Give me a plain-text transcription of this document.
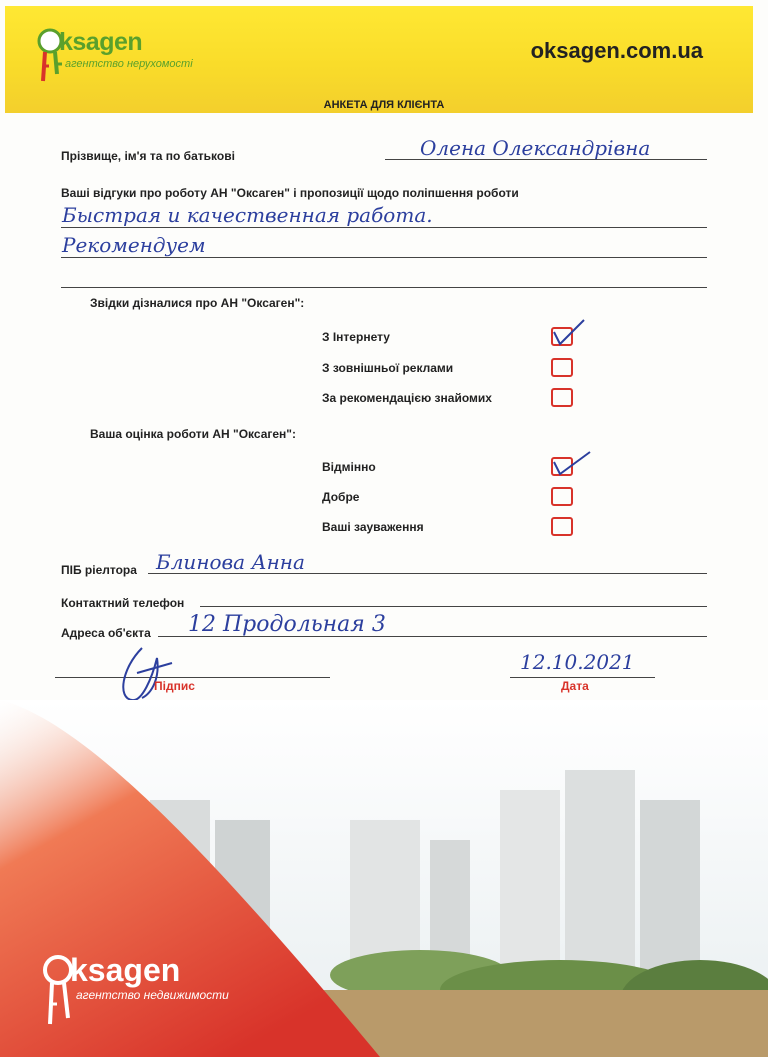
ksagen
агентство нерухомості
oksagen.com.ua
АНКЕТА ДЛЯ КЛІЄНТА
Прізвище, ім'я та по батькові	Олена Олександрівна
Ваші відгуки про роботу АН "Оксаген" і пропозиції щодо поліпшення роботи
Быстрая и качественная работа.
Рекомендуем
Звідки дізналися про АН "Оксаген":
З Інтернету
З зовнішньої реклами
За рекомендацією знайомих
Ваша оцінка роботи АН "Оксаген":
Відмінно
Добре
Ваші зауваження
ПІБ ріелтора Блинова Анна
Контактний телефон
Адреса об'єкта 12 Продольная 3
Підпис
12.10.2021
Дата
ksagen
агентство недвижимости
